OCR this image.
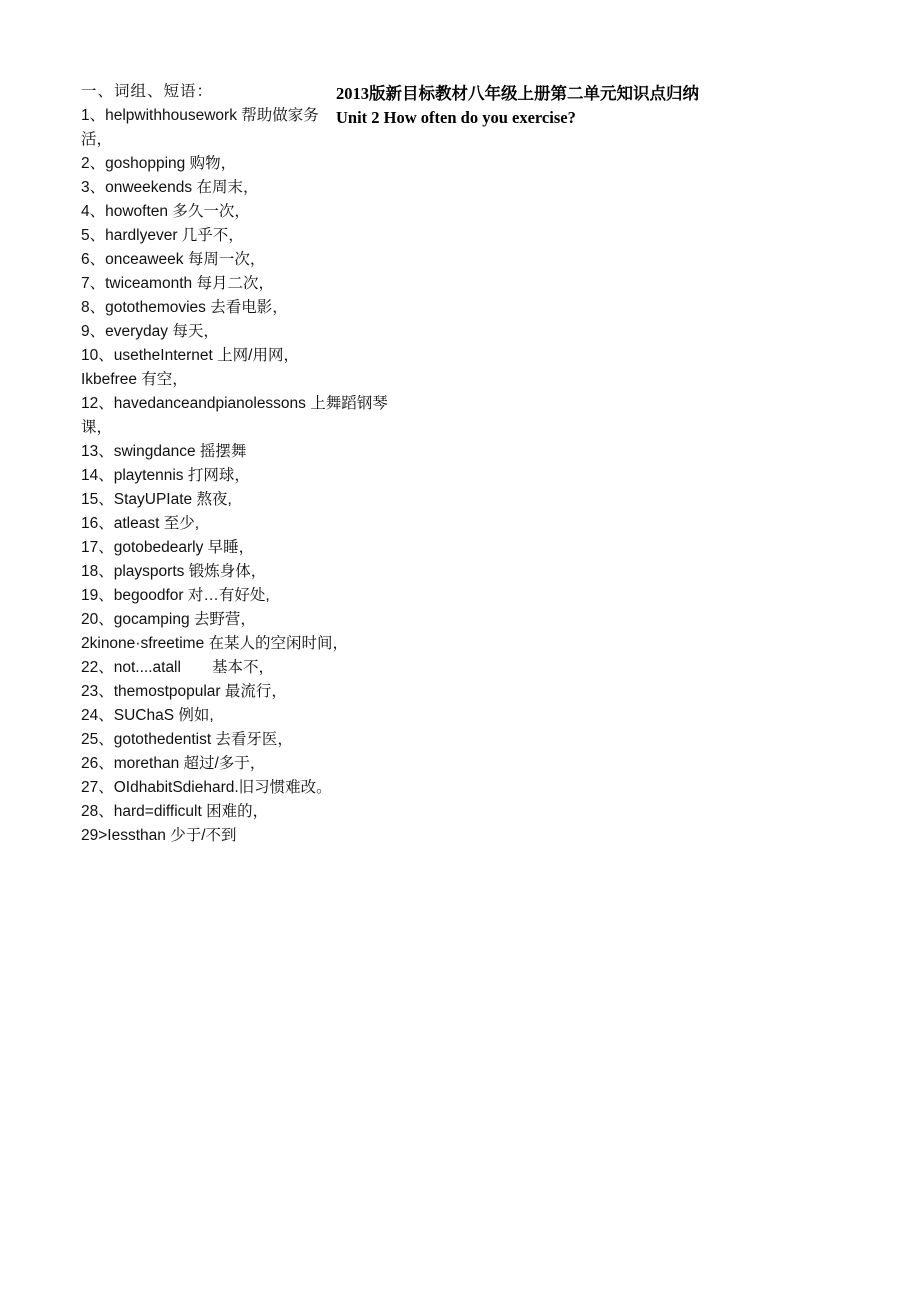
2013版新目标教材八年级上册第二单元知识点归纳
Unit 2 How often do you exercise?
一、词组、短语：
1、helpwithhousework 帮助做家务活，
2、goshopping 购物，
3、onweekends 在周末，
4、howoften 多久一次，
5、hardlyever 几乎不，
6、onceaweek 每周一次，
7、twiceamonth 每月二次，
8、gotothemovies 去看电影，
9、everyday 每天，
10、usetheInternet 上网/用网，
Ikbefree 有空，
12、havedanceandpianolessons 上舞蹈钢琴课，
13、swingdance 摇摆舞
14、playtennis 打网球，
15、StayUPIate 熬夜,
16、atleast 至少,
17、gotobedearly 早睡，
18、playsports 锻炼身体，
19、begoodfor 对…有好处,
20、gocamping 去野营，
2kinone·sfreetime 在某人的空闲时间，
22、not....atall　　基本不，
23、themostpopular 最流行，
24、SUChaS 例如,
25、gotothedentist 去看牙医，
26、morethan 超过/多于，
27、OIdhabitSdiehard.旧习惯难改。
28、hard=difficult 困难的，
29>Iessthan 少于/不到
